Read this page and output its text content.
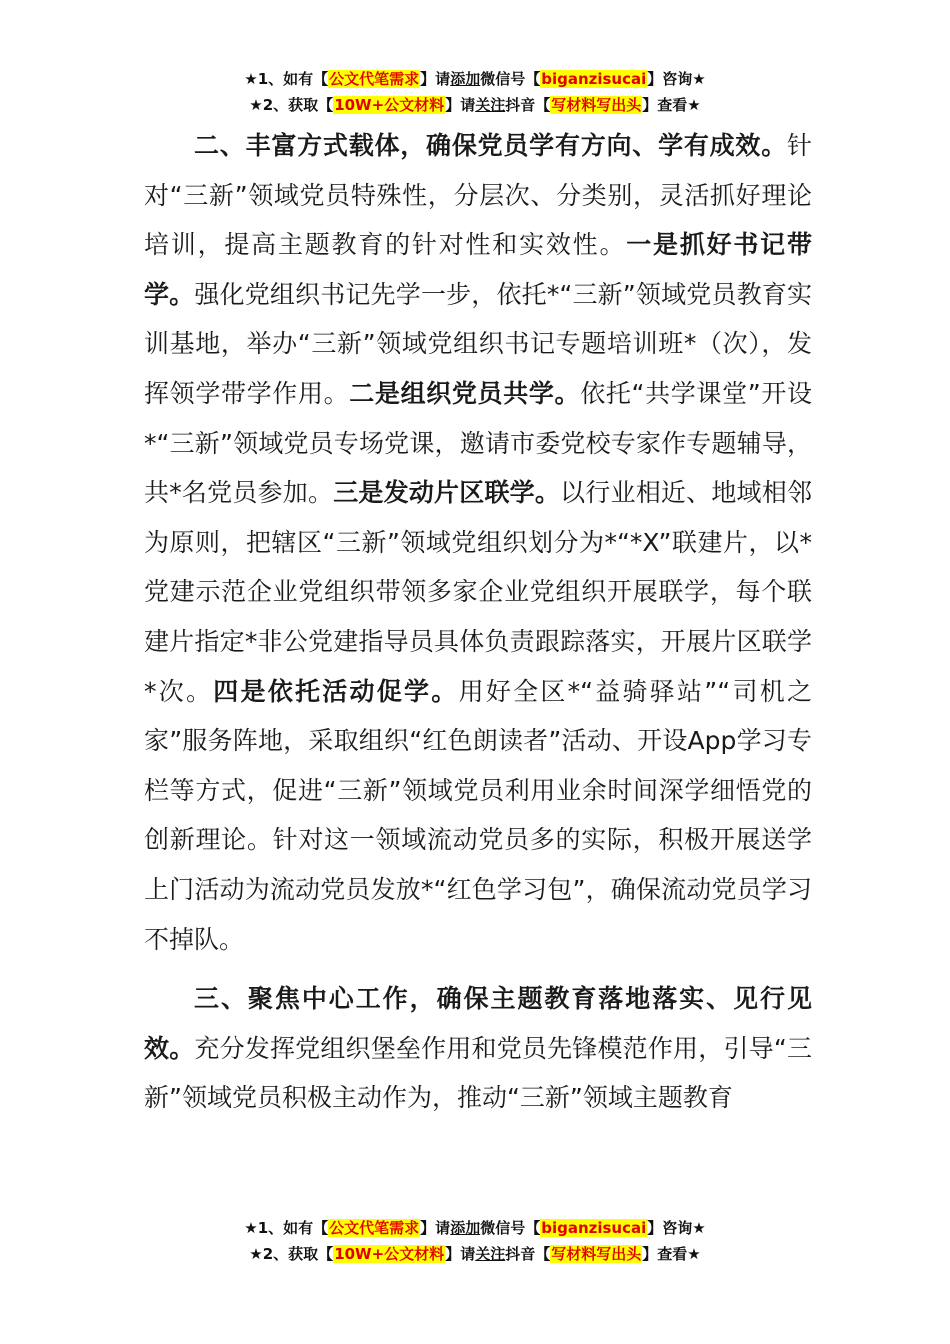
★1、如有【公文代笔需求】请添加微信号【biganzisucai】咨询★
★2、获取【10W+公文材料】请关注抖音【写材料写出头】查看★

二、丰富方式载体，确保党员学有方向、学有成效。针对“三新”领域党员特殊性，分层次、分类别，灵活抓好理论培训，提高主题教育的针对性和实效性。一是抓好书记带学。强化党组织书记先学一步，依托*“三新”领域党员教育实训基地，举办“三新”领域党组织书记专题培训班*（次），发挥领学带学作用。二是组织党员共学。依托“共学课堂”开设*“三新”领域党员专场党课，邀请市委党校专家作专题辅导，共*名党员参加。三是发动片区联学。以行业相近、地域相邻为原则，把辖区“三新”领域党组织划分为*“*X”联建片，以*党建示范企业党组织带领多家企业党组织开展联学，每个联建片指定*非公党建指导员具体负责跟踪落实，开展片区联学*次。四是依托活动促学。用好全区*“益骑驿站”“司机之家”服务阵地，采取组织“红色朗读者”活动、开设App学习专栏等方式，促进“三新”领域党员利用业余时间深学细悟党的创新理论。针对这一领域流动党员多的实际，积极开展送学上门活动为流动党员发放*“红色学习包”，确保流动党员学习不掉队。

三、聚焦中心工作，确保主题教育落地落实、见行见效。充分发挥党组织堡垒作用和党员先锋模范作用，引导“三新”领域党员积极主动作为，推动“三新”领域主题教育

★1、如有【公文代笔需求】请添加微信号【biganzisucai】咨询★
★2、获取【10W+公文材料】请关注抖音【写材料写出头】查看★
